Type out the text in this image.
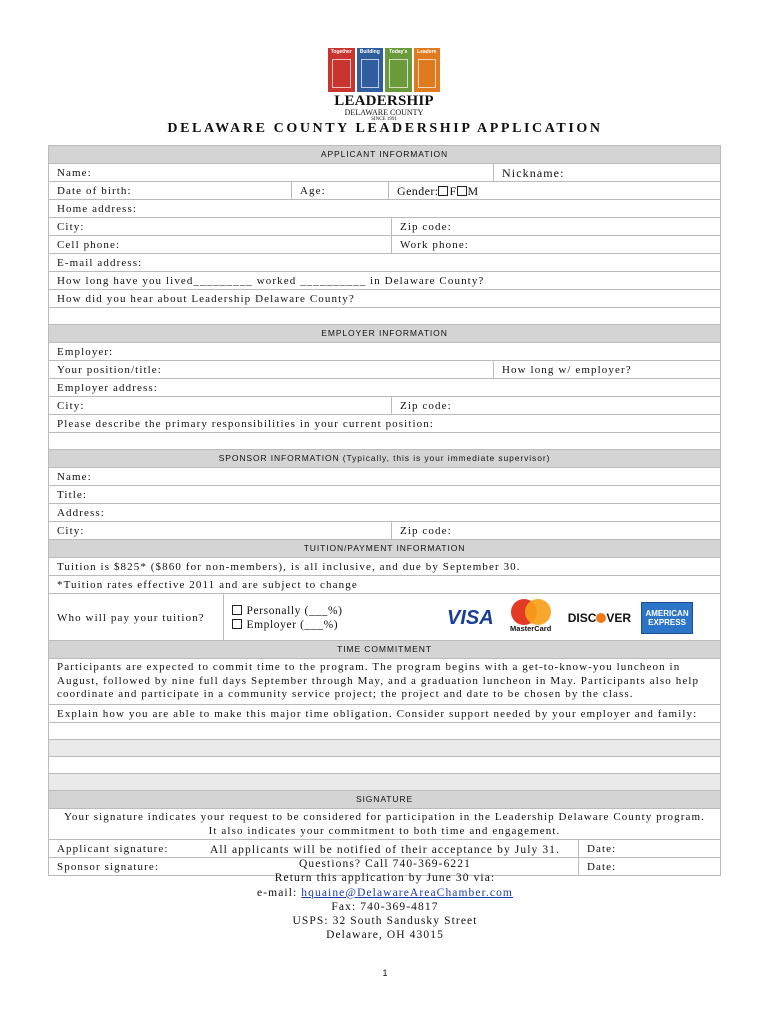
Together	Building	Today's	Leaders
LEADERSHIP
DELAWARE COUNTY
SINCE 1991
DELAWARE COUNTY LEADERSHIP APPLICATION
APPLICANT INFORMATION
Name:	Nickname:
Date of birth:	Age:	Gender: F M
Home address:
City:	Zip code:
Cell phone:	Work phone:
E-mail address:
How long have you lived_________ worked __________ in Delaware County?
How did you hear about Leadership Delaware County?
EMPLOYER INFORMATION
Employer:
Your position/title:	How long w/ employer?
Employer address:
City:	Zip code:
Please describe the primary responsibilities in your current position:
SPONSOR INFORMATION (Typically, this is your immediate supervisor)
Name:
Title:
Address:
City:	Zip code:
TUITION/PAYMENT INFORMATION
Tuition is $825* ($860 for non-members), is all inclusive, and due by September 30.
*Tuition rates effective 2011 and are subject to change
Who will pay your tuition?
Personally (___%)
Employer (___%)	VISA	MasterCard
DISC VER	AMERICAN
EXPRESS
TIME COMMITMENT
Participants are expected to commit time to the program. The program begins with a get-to-know-you luncheon in August, followed by nine full days September through May, and a graduation luncheon in May. Participants also help coordinate and participate in a community service project; the project and date to be chosen by the class.
Explain how you are able to make this major time obligation. Consider support needed by your employer and family:
SIGNATURE
Your signature indicates your request to be considered for participation in the Leadership Delaware County program.
It also indicates your commitment to both time and engagement.
Applicant signature:	Date:
Sponsor signature:	Date:
All applicants will be notified of their acceptance by July 31.
Questions? Call 740-369-6221
Return this application by June 30 via:
e-mail: hquaine@DelawareAreaChamber.com
Fax: 740-369-4817
USPS: 32 South Sandusky Street
Delaware, OH 43015
1
